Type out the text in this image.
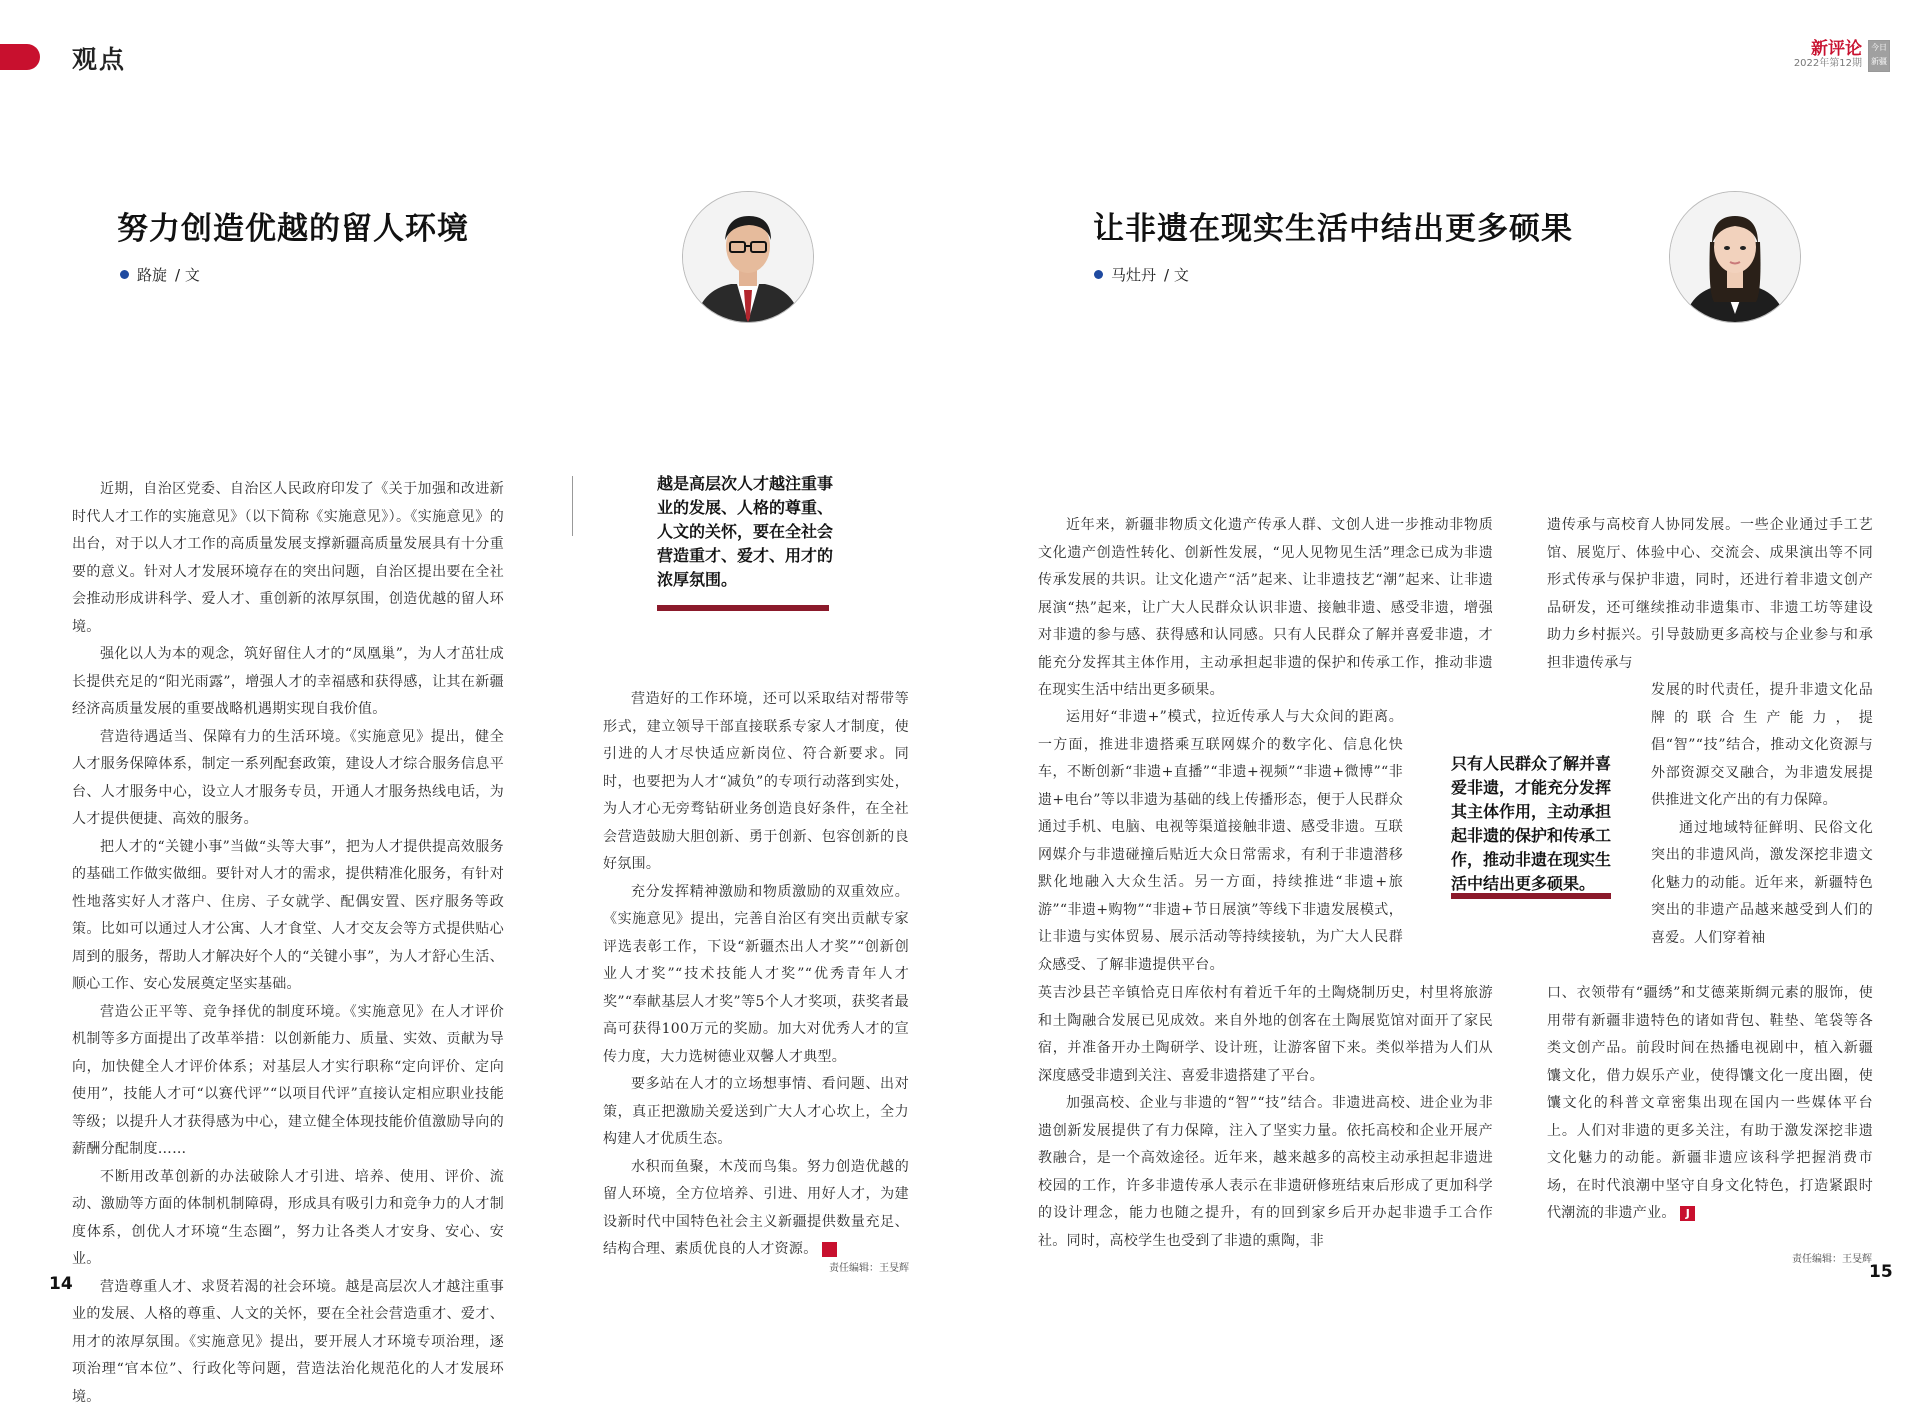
观点	新评论
2022年第12期
今日新疆
努力创造优越的留人环境
路旋 / 文

近期，自治区党委、自治区人民政府印发了《关于加强和改进新时代人才工作的实施意见》（以下简称《实施意见》）。《实施意见》的出台，对于以人才工作的高质量发展支撑新疆高质量发展具有十分重要的意义。针对人才发展环境存在的突出问题，自治区提出要在全社会推动形成讲科学、爱人才、重创新的浓厚氛围，创造优越的留人环境。

强化以人为本的观念，筑好留住人才的“凤凰巢”，为人才茁壮成长提供充足的“阳光雨露”，增强人才的幸福感和获得感，让其在新疆经济高质量发展的重要战略机遇期实现自我价值。

营造待遇适当、保障有力的生活环境。《实施意见》提出，健全人才服务保障体系，制定一系列配套政策，建设人才综合服务信息平台、人才服务中心，设立人才服务专员，开通人才服务热线电话，为人才提供便捷、高效的服务。

把人才的“关键小事”当做“头等大事”，把为人才提供提高效服务的基础工作做实做细。要针对人才的需求，提供精准化服务，有针对性地落实好人才落户、住房、子女就学、配偶安置、医疗服务等政策。比如可以通过人才公寓、人才食堂、人才交友会等方式提供贴心周到的服务，帮助人才解决好个人的“关键小事”，为人才舒心生活、顺心工作、安心发展奠定坚实基础。

营造公正平等、竞争择优的制度环境。《实施意见》在人才评价机制等多方面提出了改革举措：以创新能力、质量、实效、贡献为导向，加快健全人才评价体系；对基层人才实行职称“定向评价、定向使用”，技能人才可“以赛代评”“以项目代评”直接认定相应职业技能等级；以提升人才获得感为中心，建立健全体现技能价值激励导向的薪酬分配制度……

不断用改革创新的办法破除人才引进、培养、使用、评价、流动、激励等方面的体制机制障碍，形成具有吸引力和竞争力的人才制度体系，创优人才环境“生态圈”，努力让各类人才安身、安心、安业。

营造尊重人才、求贤若渴的社会环境。越是高层次人才越注重事业的发展、人格的尊重、人文的关怀，要在全社会营造重才、爱才、用才的浓厚氛围。《实施意见》提出，要开展人才环境专项治理，逐项治理“官本位”、行政化等问题，营造法治化规范化的人才发展环境。

越是高层次人才越注重事业的发展、人格的尊重、人文的关怀，要在全社会营造重才、爱才、用才的浓厚氛围。

营造好的工作环境，还可以采取结对帮带等形式，建立领导干部直接联系专家人才制度，使引进的人才尽快适应新岗位、符合新要求。同时，也要把为人才“减负”的专项行动落到实处，为人才心无旁骛钻研业务创造良好条件，在全社会营造鼓励大胆创新、勇于创新、包容创新的良好氛围。

充分发挥精神激励和物质激励的双重效应。《实施意见》提出，完善自治区有突出贡献专家评选表彰工作，下设“新疆杰出人才奖”“创新创业人才奖”“技术技能人才奖”“优秀青年人才奖”“奉献基层人才奖”等5个人才奖项，获奖者最高可获得100万元的奖励。加大对优秀人才的宣传力度，大力选树德业双馨人才典型。

要多站在人才的立场想事情、看问题、出对策，真正把激励关爱送到广大人才心坎上，全力构建人才优质生态。

水积而鱼聚，木茂而鸟集。努力创造优越的留人环境，全方位培养、引进、用好人才，为建设新时代中国特色社会主义新疆提供数量充足、结构合理、素质优良的人才资源。	J

责任编辑：王旻辉
14
让非遗在现实生活中结出更多硕果
马灶丹 / 文

近年来，新疆非物质文化遗产传承人群、文创人进一步推动非物质文化遗产创造性转化、创新性发展，“见人见物见生活”理念已成为非遗传承发展的共识。让文化遗产“活”起来、让非遗技艺“潮”起来、让非遗展演“热”起来，让广大人民群众认识非遗、接触非遗、感受非遗，增强对非遗的参与感、获得感和认同感。只有人民群众了解并喜爱非遗，才能充分发挥其主体作用，主动承担起非遗的保护和传承工作，推动非遗在现实生活中结出更多硕果。

运用好“非遗+”模式，拉近传承人与大众间的距离。一方面，推进非遗搭乘互联网媒介的数字化、信息化快车，不断创新“非遗+直播”“非遗+视频”“非遗+微博”“非遗+电台”等以非遗为基础的线上传播形态，便于人民群众通过手机、电脑、电视等渠道接触非遗、感受非遗。互联网媒介与非遗碰撞后贴近大众日常需求，有利于非遗潜移默化地融入大众生活。另一方面，持续推进“非遗+旅游”“非遗+购物”“非遗+节日展演”等线下非遗发展模式，让非遗与实体贸易、展示活动等持续接轨，为广大人民群众感受、了解非遗提供平台。

英吉沙县芒辛镇恰克日库依村有着近千年的土陶烧制历史，村里将旅游和土陶融合发展已见成效。来自外地的创客在土陶展览馆对面开了家民宿，并准备开办土陶研学、设计班，让游客留下来。类似举措为人们从深度感受非遗到关注、喜爱非遗搭建了平台。

加强高校、企业与非遗的“智”“技”结合。非遗进高校、进企业为非遗创新发展提供了有力保障，注入了坚实力量。依托高校和企业开展产教融合，是一个高效途径。近年来，越来越多的高校主动承担起非遗进校园的工作，许多非遗传承人表示在非遗研修班结束后形成了更加科学的设计理念，能力也随之提升，有的回到家乡后开办起非遗手工合作社。同时，高校学生也受到了非遗的熏陶，非

遗传承与高校育人协同发展。一些企业通过手工艺馆、展览厅、体验中心、交流会、成果演出等不同形式传承与保护非遗，同时，还进行着非遗文创产品研发，还可继续推动非遗集市、非遗工坊等建设助力乡村振兴。引导鼓励更多高校与企业参与和承担非遗传承与

发展的时代责任，提升非遗文化品牌的联合生产能力，提倡“智”“技”结合，推动文化资源与外部资源交叉融合，为非遗发展提供推进文化产出的有力保障。

通过地域特征鲜明、民俗文化突出的非遗风尚，激发深挖非遗文化魅力的动能。近年来，新疆特色突出的非遗产品越来越受到人们的喜爱。人们穿着袖

口、衣领带有“疆绣”和艾德莱斯绸元素的服饰，使用带有新疆非遗特色的诸如背包、鞋垫、笔袋等各类文创产品。前段时间在热播电视剧中，植入新疆馕文化，借力娱乐产业，使得馕文化一度出圈，使馕文化的科普文章密集出现在国内一些媒体平台上。人们对非遗的更多关注，有助于激发深挖非遗文化魅力的动能。新疆非遗应该科学把握消费市场，在时代浪潮中坚守自身文化特色，打造紧跟时代潮流的非遗产业。 J

只有人民群众了解并喜爱非遗，才能充分发挥其主体作用，主动承担起非遗的保护和传承工作，推动非遗在现实生活中结出更多硕果。
责任编辑：王旻辉
15
